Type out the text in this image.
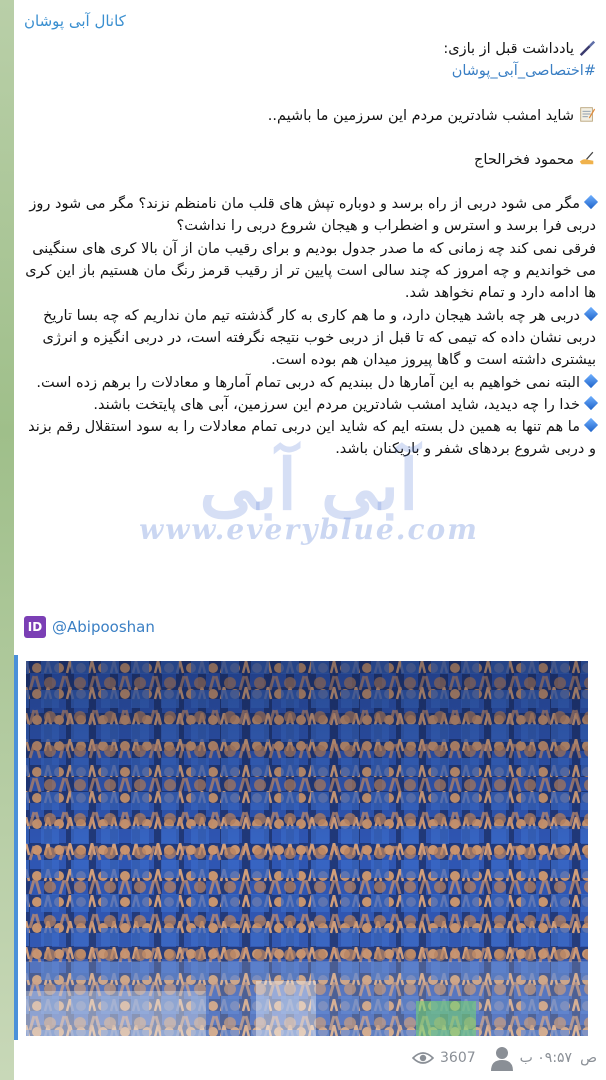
کانال آبی پوشان

یادداشت قبل از بازی:

#اختصاصی_آبی_پوشان

شاید امشب شادترین مردم این سرزمین ما باشیم..

محمود فخرالحاج

مگر می شود دربی از راه برسد و دوباره تپش های قلب مان نامنظم نزند؟ مگر می شود روز دربی فرا برسد و استرس و اضطراب و هیجان شروع دربی را نداشت؟

فرقی نمی کند چه زمانی که ما صدر جدول بودیم و برای رقیب مان از آن بالا کری های سنگینی می خواندیم و چه امروز که چند سالی است پایین تر از رقیب قرمز رنگ مان هستیم باز این کری ها ادامه دارد و تمام نخواهد شد.

دربی هر چه باشد هیجان دارد، و ما هم کاری به کار گذشته تیم مان نداریم که چه بسا تاریخ دربی نشان داده که تیمی که تا قبل از دربی خوب نتیجه نگرفته است، در دربی انگیزه و انرژی بیشتری داشته است و گاها پیروز میدان هم بوده است.

البته نمی خواهیم به این آمارها دل ببندیم که دربی تمام آمارها و معادلات را برهم زده است.

خدا را چه دیدید، شاید امشب شادترین مردم این سرزمین، آبی های پایتخت باشند.

ما هم تنها به همین دل بسته ایم که شاید این دربی تمام معادلات را به سود استقلال رقم بزند و دربی شروع بردهای شفر و بازیکنان باشد.

آبی آبی
www.everyblue.com
ID @Abipooshan
3607	۰۹:۵۷ ب ص
